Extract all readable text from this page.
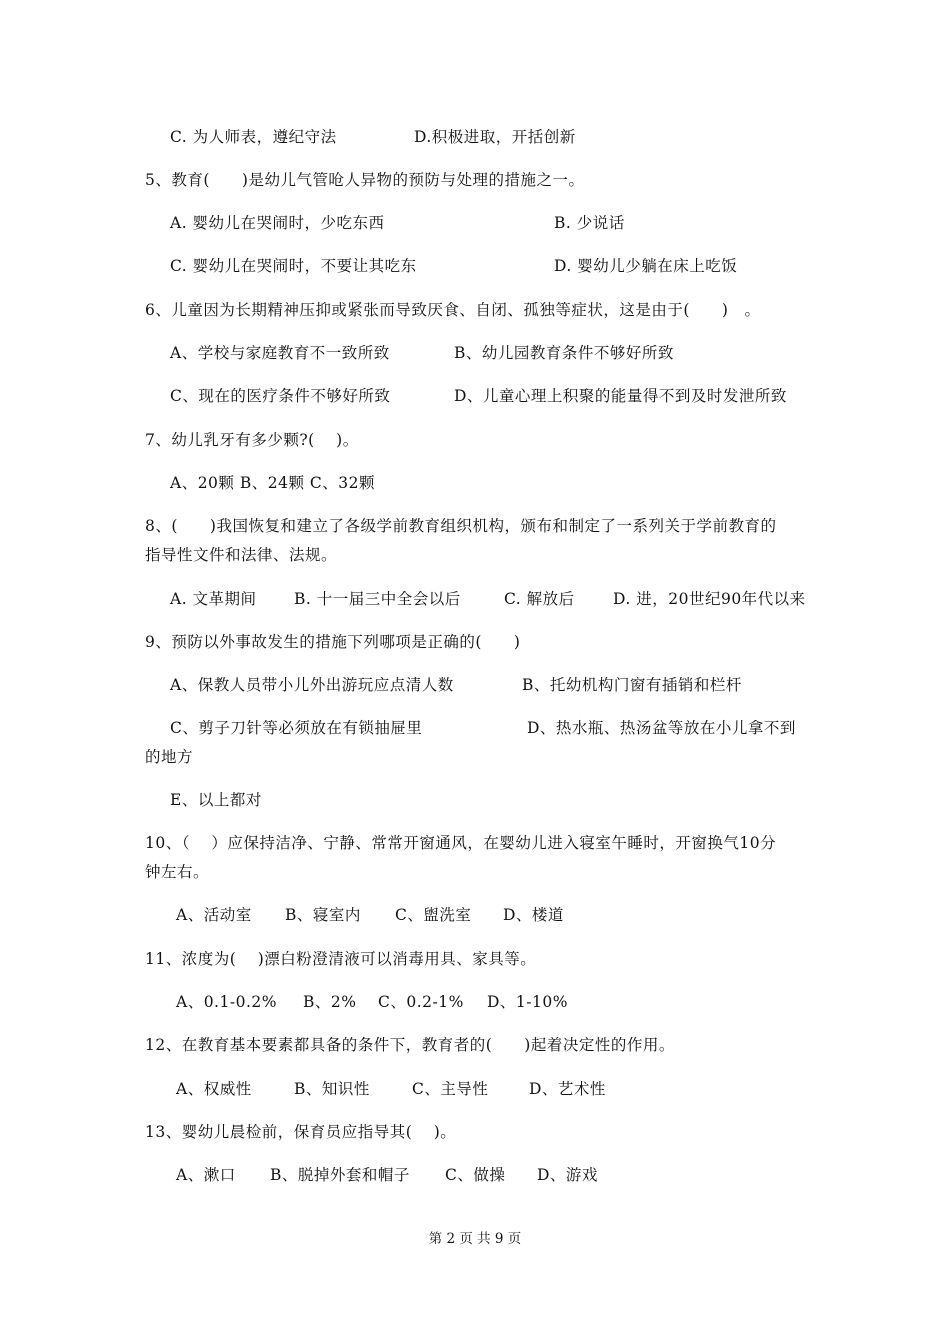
C. 为人师表，遵纪守法	D.积极进取，开括创新
5、教育(　　)是幼儿气管呛人异物的预防与处理的措施之一。
A. 婴幼儿在哭闹时，少吃东西	B. 少说话
C. 婴幼儿在哭闹时，不要让其吃东	D. 婴幼儿少躺在床上吃饭
6、儿童因为长期精神压抑或紧张而导致厌食、自闭、孤独等症状，这是由于(　　)　。
A、学校与家庭教育不一致所致	B、幼儿园教育条件不够好所致
C、现在的医疗条件不够好所致	D、儿童心理上积聚的能量得不到及时发泄所致
7、幼儿乳牙有多少颗?(　 )。
A、20颗 B、24颗 C、32颗
8、(　　)我国恢复和建立了各级学前教育组织机构，颁布和制定了一系列关于学前教育的
指导性文件和法律、法规。
A. 文革期间 B. 十一届三中全会以后	C. 解放后 D. 进，20世纪90年代以来
9、预防以外事故发生的措施下列哪项是正确的(　　)
A、保教人员带小儿外出游玩应点清人数	B、托幼机构门窗有插销和栏杆
C、剪子刀针等必须放在有锁抽屉里	D、热水瓶、热汤盆等放在小儿拿不到
的地方
E、以上都对
10、（　 ）应保持洁净、宁静、常常开窗通风，在婴幼儿进入寝室午睡时，开窗换气10分
钟左右。
A、活动室 B、寝室内 C、盥洗室 D、楼道
11、浓度为(　 )漂白粉澄清液可以消毒用具、家具等。
A、0.1-0.2% B、2% C、0.2-1% D、1-10%
12、在教育基本要素都具备的条件下，教育者的(　　)起着决定性的作用。
A、权威性	B、知识性	C、主导性	D、艺术性
13、婴幼儿晨检前，保育员应指导其(　 )。
A、漱口 B、脱掉外套和帽子 C、做操 D、游戏
第 2 页 共 9 页
